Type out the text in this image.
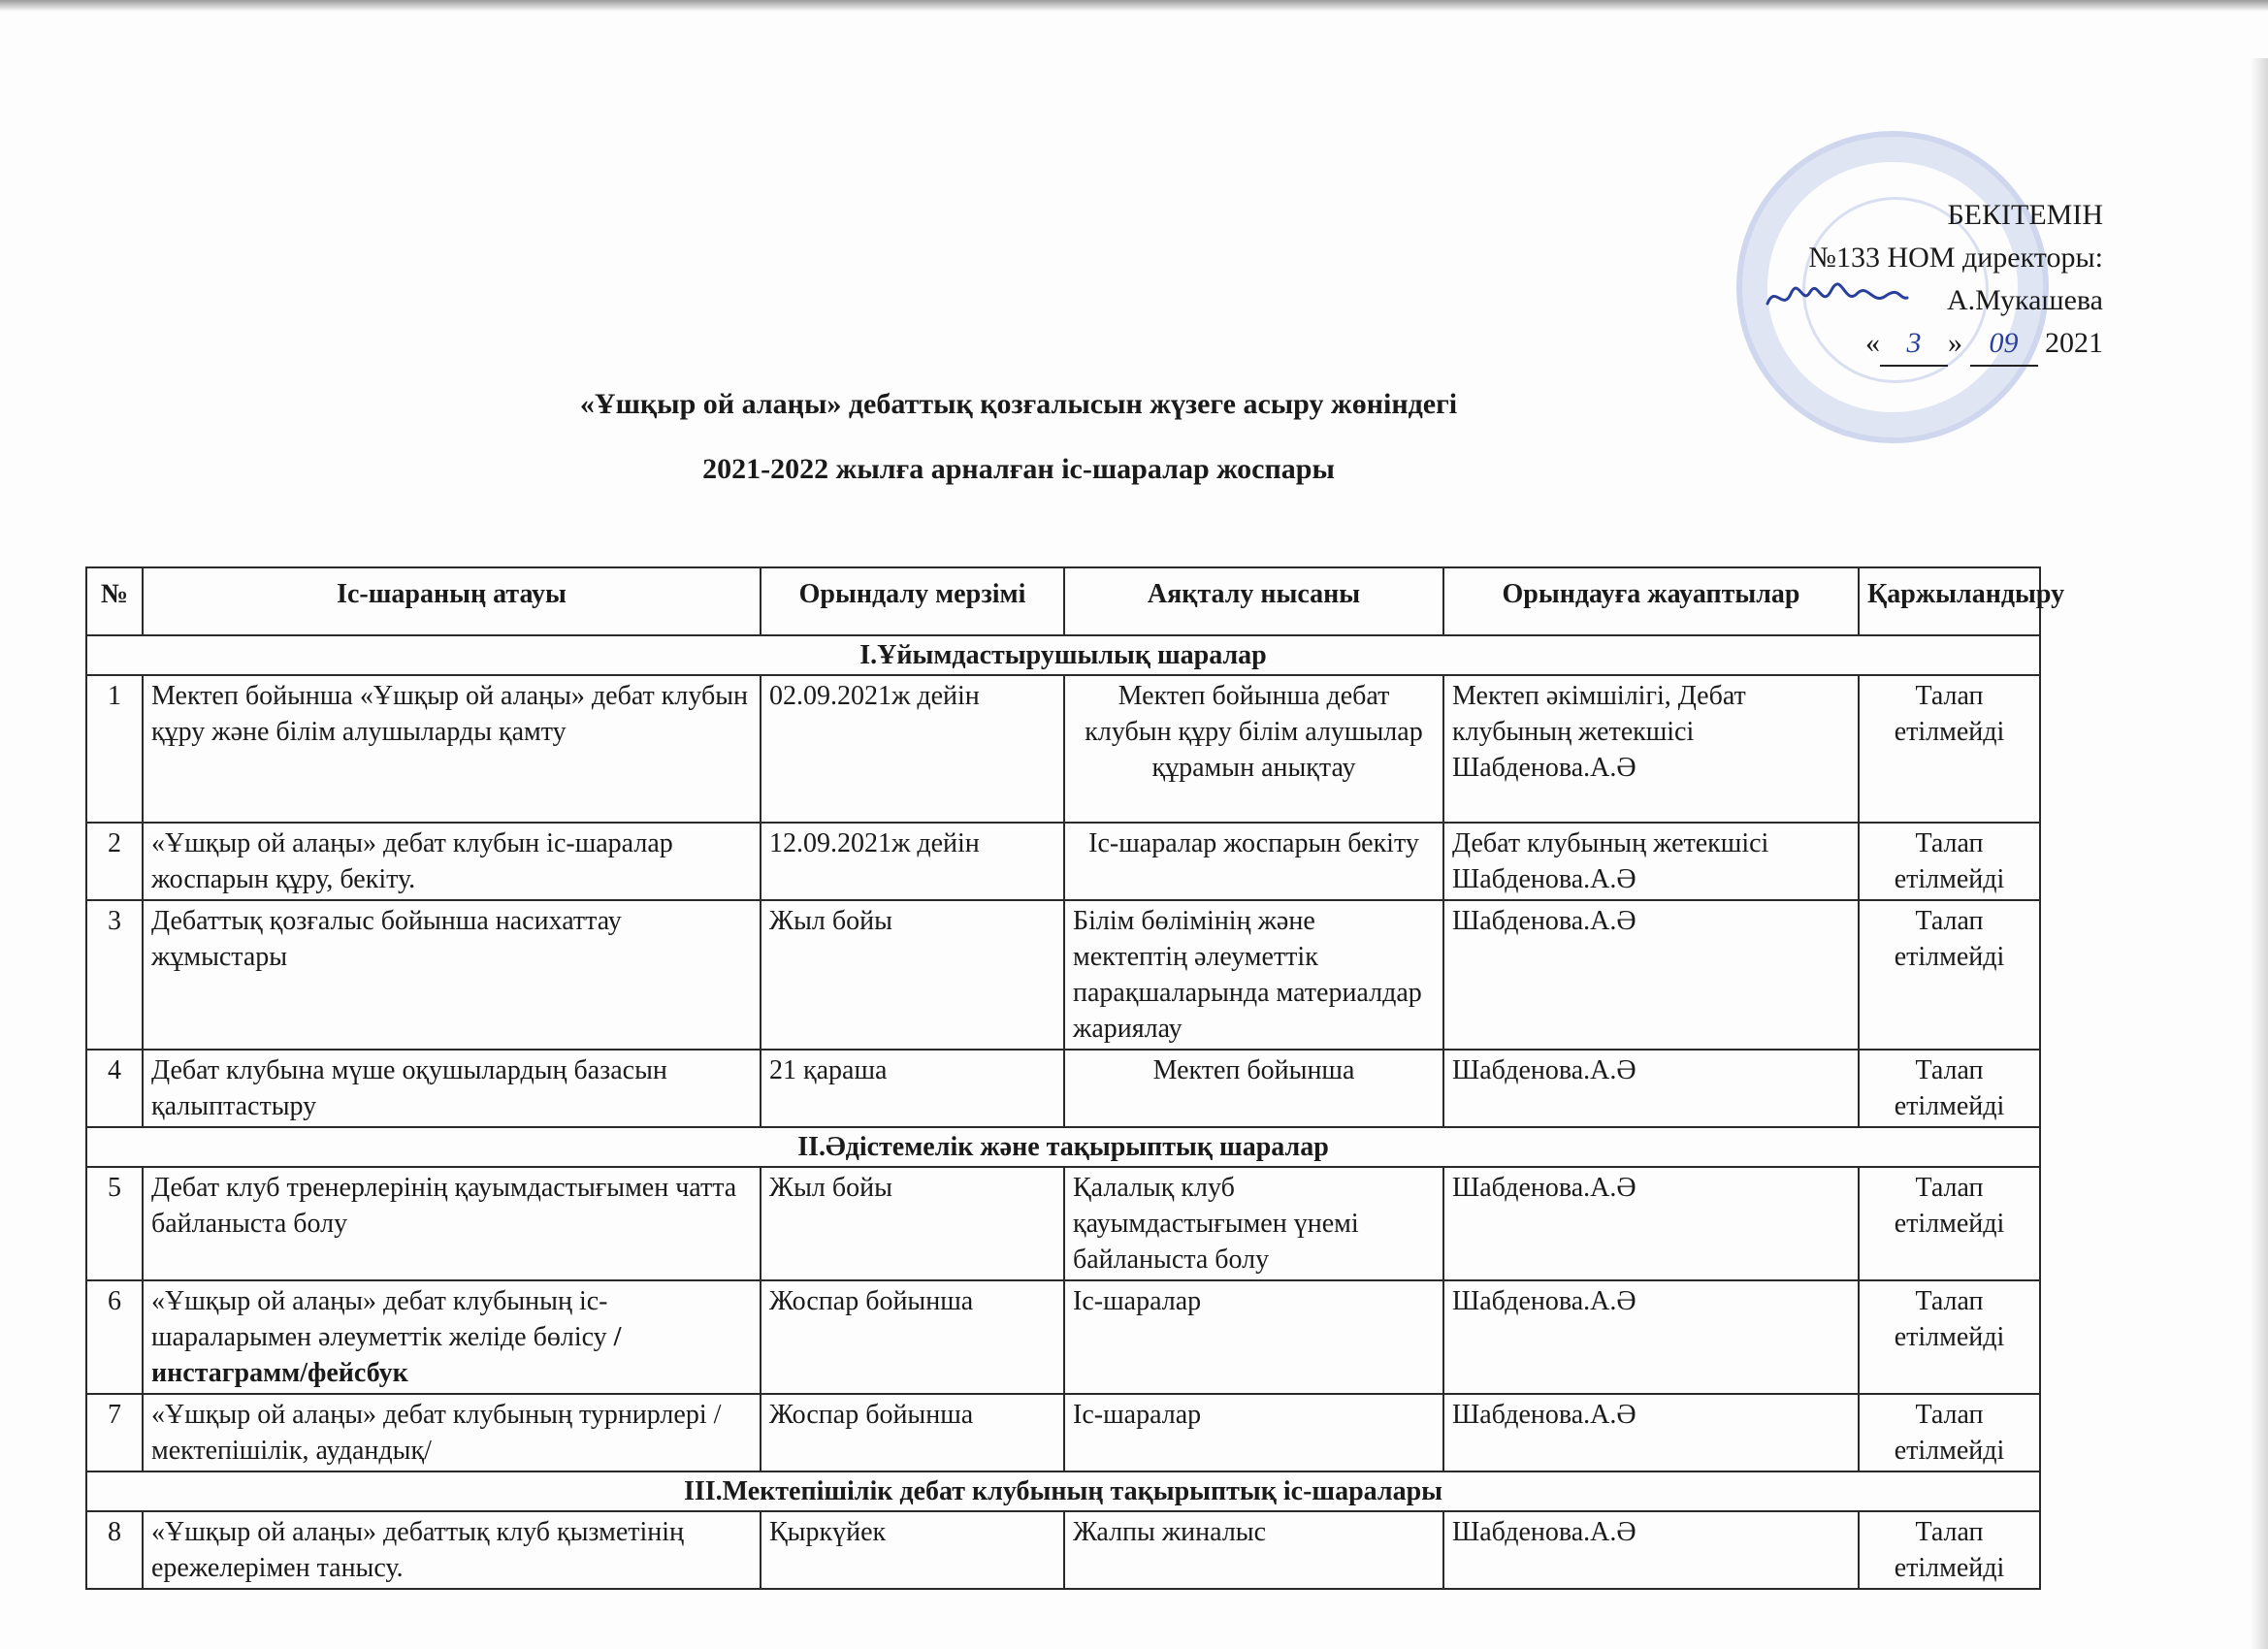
БЕКІТЕМІН
№133 НОМ директоры:
А.Мукашева
« 3 » 09 2021
«Ұшқыр ой алаңы» дебаттық қозғалысын жүзеге асыру жөніндегі
2021-2022 жылға арналған іс-шаралар жоспары
№	Іс-шараның атауы	Орындалу мерзімі	Аяқталу нысаны	Орындауға жауаптылар	Қаржыландыру
I.Ұйымдастырушылық шаралар					
1	Мектеп бойынша «Ұшқыр ой алаңы» дебат клубын құру және білім алушыларды қамту	02.09.2021ж дейін	Мектеп бойынша дебат клубын құру білім алушылар құрамын анықтау	Мектеп әкімшілігі, Дебат клубының жетекшісі Шабденова.А.Ә	Талап етілмейді
2	«Ұшқыр ой алаңы» дебат клубын іс-шаралар жоспарын құру, бекіту.	12.09.2021ж дейін	Іс-шаралар жоспарын бекіту	Дебат клубының жетекшісі Шабденова.А.Ә	Талап етілмейді
3	Дебаттық қозғалыс бойынша насихаттау жұмыстары	Жыл бойы	Білім бөлімінің және мектептің әлеуметтік парақшаларында материалдар жариялау	Шабденова.А.Ә	Талап етілмейді
4	Дебат клубына мүше оқушылардың базасын қалыптастыру	21 қараша	Мектеп бойынша	Шабденова.А.Ә	Талап етілмейді
II.Әдістемелік және тақырыптық шаралар					
5	Дебат клуб тренерлерінің қауымдастығымен чатта байланыста болу	Жыл бойы	Қалалық клуб қауымдастығымен үнемі байланыста болу	Шабденова.А.Ә	Талап етілмейді
6	«Ұшқыр ой алаңы» дебат клубының іс-шараларымен әлеуметтік желіде бөлісу /инстаграмм/фейсбук	Жоспар бойынша	Іс-шаралар	Шабденова.А.Ә	Талап етілмейді
7	«Ұшқыр ой алаңы» дебат клубының турнирлері /мектепішілік, аудандық/	Жоспар бойынша	Іс-шаралар	Шабденова.А.Ә	Талап етілмейді
III.Мектепішілік дебат клубының тақырыптық іс-шаралары					
8	«Ұшқыр ой алаңы» дебаттық клуб қызметінің ережелерімен танысу.	Қыркүйек	Жалпы жиналыс	Шабденова.А.Ә	Талап етілмейді
